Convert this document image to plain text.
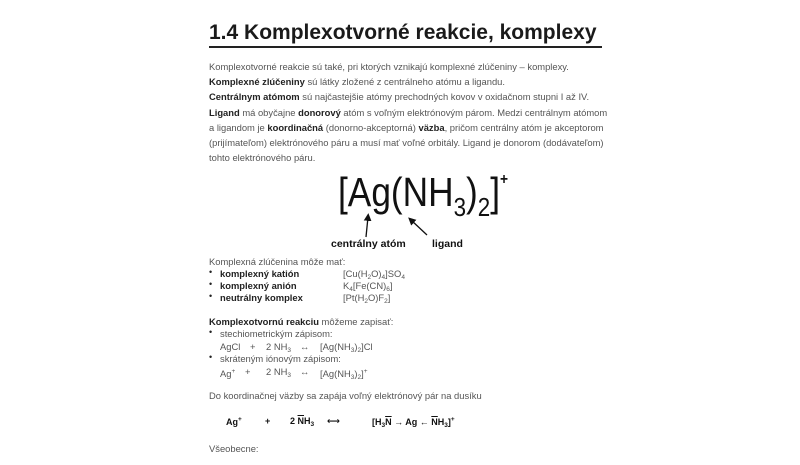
1.4 Komplexotvorné reakcie, komplexy
Komplexotvorné reakcie sú také, pri ktorých vznikajú komplexné zlúčeniny – komplexy.
Komplexné zlúčeniny sú látky zložené z centrálneho atómu a ligandu.
Centrálnym atómom sú najčastejšie atómy prechodných kovov v oxidačnom stupni I až IV.
Ligand má obyčajne donorový atóm s voľným elektrónovým párom. Medzi centrálnym atómom
a ligandom je koordinačná (donorno-akceptorná) väzba, pričom centrálny atóm je akceptorom
(prijímateľom) elektrónového páru a musí mať voľné orbitály. Ligand je donorom (dodávateľom)
tohto elektrónového páru.
$[Ag(NH_3)_2]^+$
centrálny atóm	ligand
Komplexná zlúčenina môže mať:
• komplexný katión	$[Cu(H_2O)_4]SO_4$
• komplexný anión	$K_4[Fe(CN)_6]$
• neutrálny komplex	$[Pt(H_2O)F_2]$
Komplexotvornú reakciu môžeme zapisať:
• stechiometrickým zápisom:
AgCl + 2 $NH_3$ ↔ $[Ag(NH_3)_2]Cl$
• skráteným iónovým zápisom:
Ag+ + 2 $NH_3$ ↔ $[Ag(NH_3)_2]^+$
Do koordinačnej väzby sa zapája voľný elektrónový pár na dusíku
Ag+	+ 2 $\overline{N}H_3$ ⟷	[$H_3\overline{N} \to Ag$ ← $\overline{N}H_3]^+$
Všeobecne:
